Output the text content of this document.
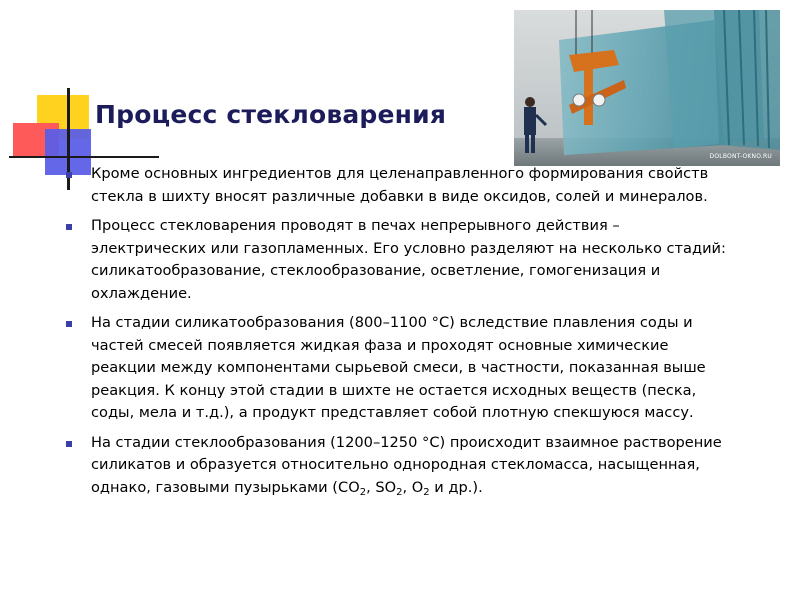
Процесс стекловарения
DOLBONT-OKNO.RU
Кроме основных ингредиентов для целенаправленного формирования свойств стекла в шихту вносят различные добавки в виде оксидов, солей и минералов.
Процесс стекловарения проводят в печах непрерывного действия – электрических или газопламенных. Его условно разделяют на несколько стадий: силикатообразование, стеклообразование, осветление, гомогенизация и охлаждение.
На стадии силикатообразования (800–1100 °С) вследствие плавления соды и частей смесей появляется жидкая фаза и проходят основные химические реакции между компонентами сырьевой смеси, в частности, показанная выше реакция. К концу этой стадии в шихте не остается исходных веществ (песка, соды, мела и т.д.), а продукт представляет собой плотную спекшуюся массу.
На стадии стеклообразования (1200–1250 °С) происходит взаимное растворение силикатов и образуется относительно однородная стекломасса, насыщенная, однако, газовыми пузырьками ($CO_2$, $SO_2$, $O_2$ и др.).
